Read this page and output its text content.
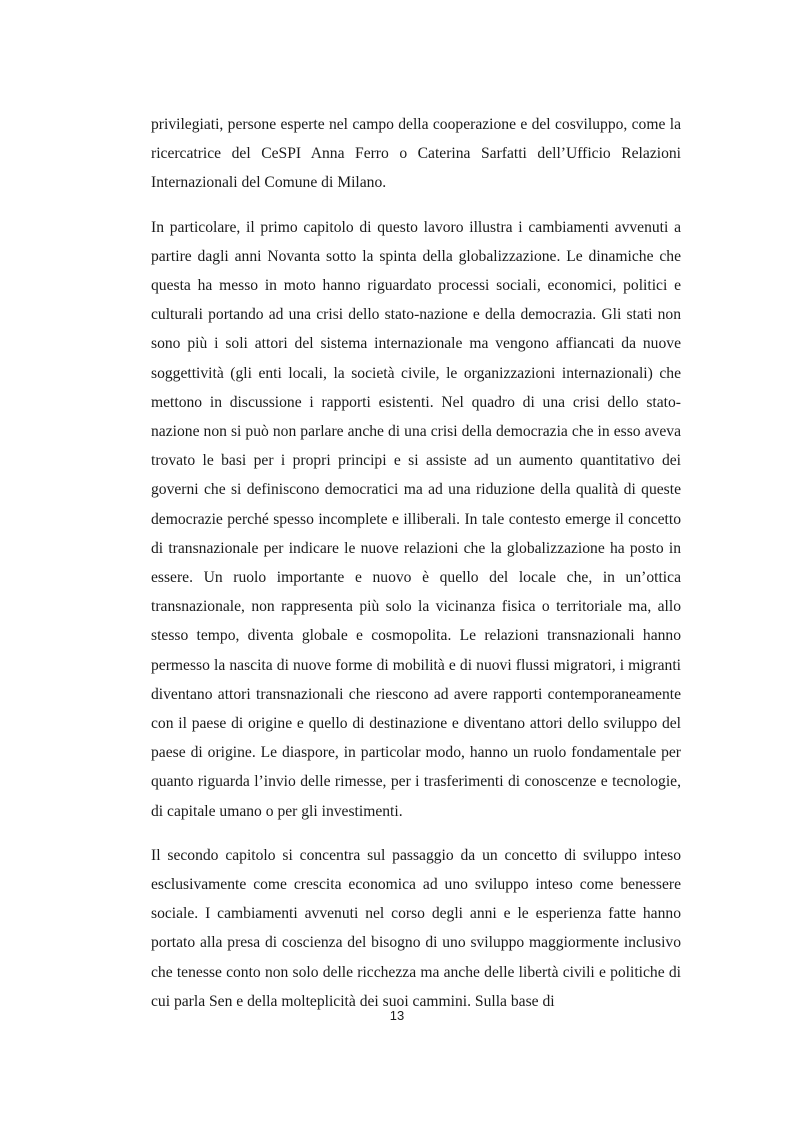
privilegiati, persone esperte nel campo della cooperazione e del cosviluppo, come la ricercatrice del CeSPI Anna Ferro o Caterina Sarfatti dell’Ufficio Relazioni Internazionali del Comune di Milano.

In particolare, il primo capitolo di questo lavoro illustra i cambiamenti avvenuti a partire dagli anni Novanta sotto la spinta della globalizzazione. Le dinamiche che questa ha messo in moto hanno riguardato processi sociali, economici, politici e culturali portando ad una crisi dello stato-nazione e della democrazia. Gli stati non sono più i soli attori del sistema internazionale ma vengono affiancati da nuove soggettività (gli enti locali, la società civile, le organizzazioni internazionali) che mettono in discussione i rapporti esistenti. Nel quadro di una crisi dello stato-nazione non si può non parlare anche di una crisi della democrazia che in esso aveva trovato le basi per i propri principi e si assiste ad un aumento quantitativo dei governi che si definiscono democratici ma ad una riduzione della qualità di queste democrazie perché spesso incomplete e illiberali. In tale contesto emerge il concetto di transnazionale per indicare le nuove relazioni che la globalizzazione ha posto in essere. Un ruolo importante e nuovo è quello del locale che, in un’ottica transnazionale, non rappresenta più solo la vicinanza fisica o territoriale ma, allo stesso tempo, diventa globale e cosmopolita. Le relazioni transnazionali hanno permesso la nascita di nuove forme di mobilità e di nuovi flussi migratori, i migranti diventano attori transnazionali che riescono ad avere rapporti contemporaneamente con il paese di origine e quello di destinazione e diventano attori dello sviluppo del paese di origine. Le diaspore, in particolar modo, hanno un ruolo fondamentale per quanto riguarda l’invio delle rimesse, per i trasferimenti di conoscenze e tecnologie, di capitale umano o per gli investimenti.

Il secondo capitolo si concentra sul passaggio da un concetto di sviluppo inteso esclusivamente come crescita economica ad uno sviluppo inteso come benessere sociale. I cambiamenti avvenuti nel corso degli anni e le esperienza fatte hanno portato alla presa di coscienza del bisogno di uno sviluppo maggiormente inclusivo che tenesse conto non solo delle ricchezza ma anche delle libertà civili e politiche di cui parla Sen e della molteplicità dei suoi cammini. Sulla base di

13
